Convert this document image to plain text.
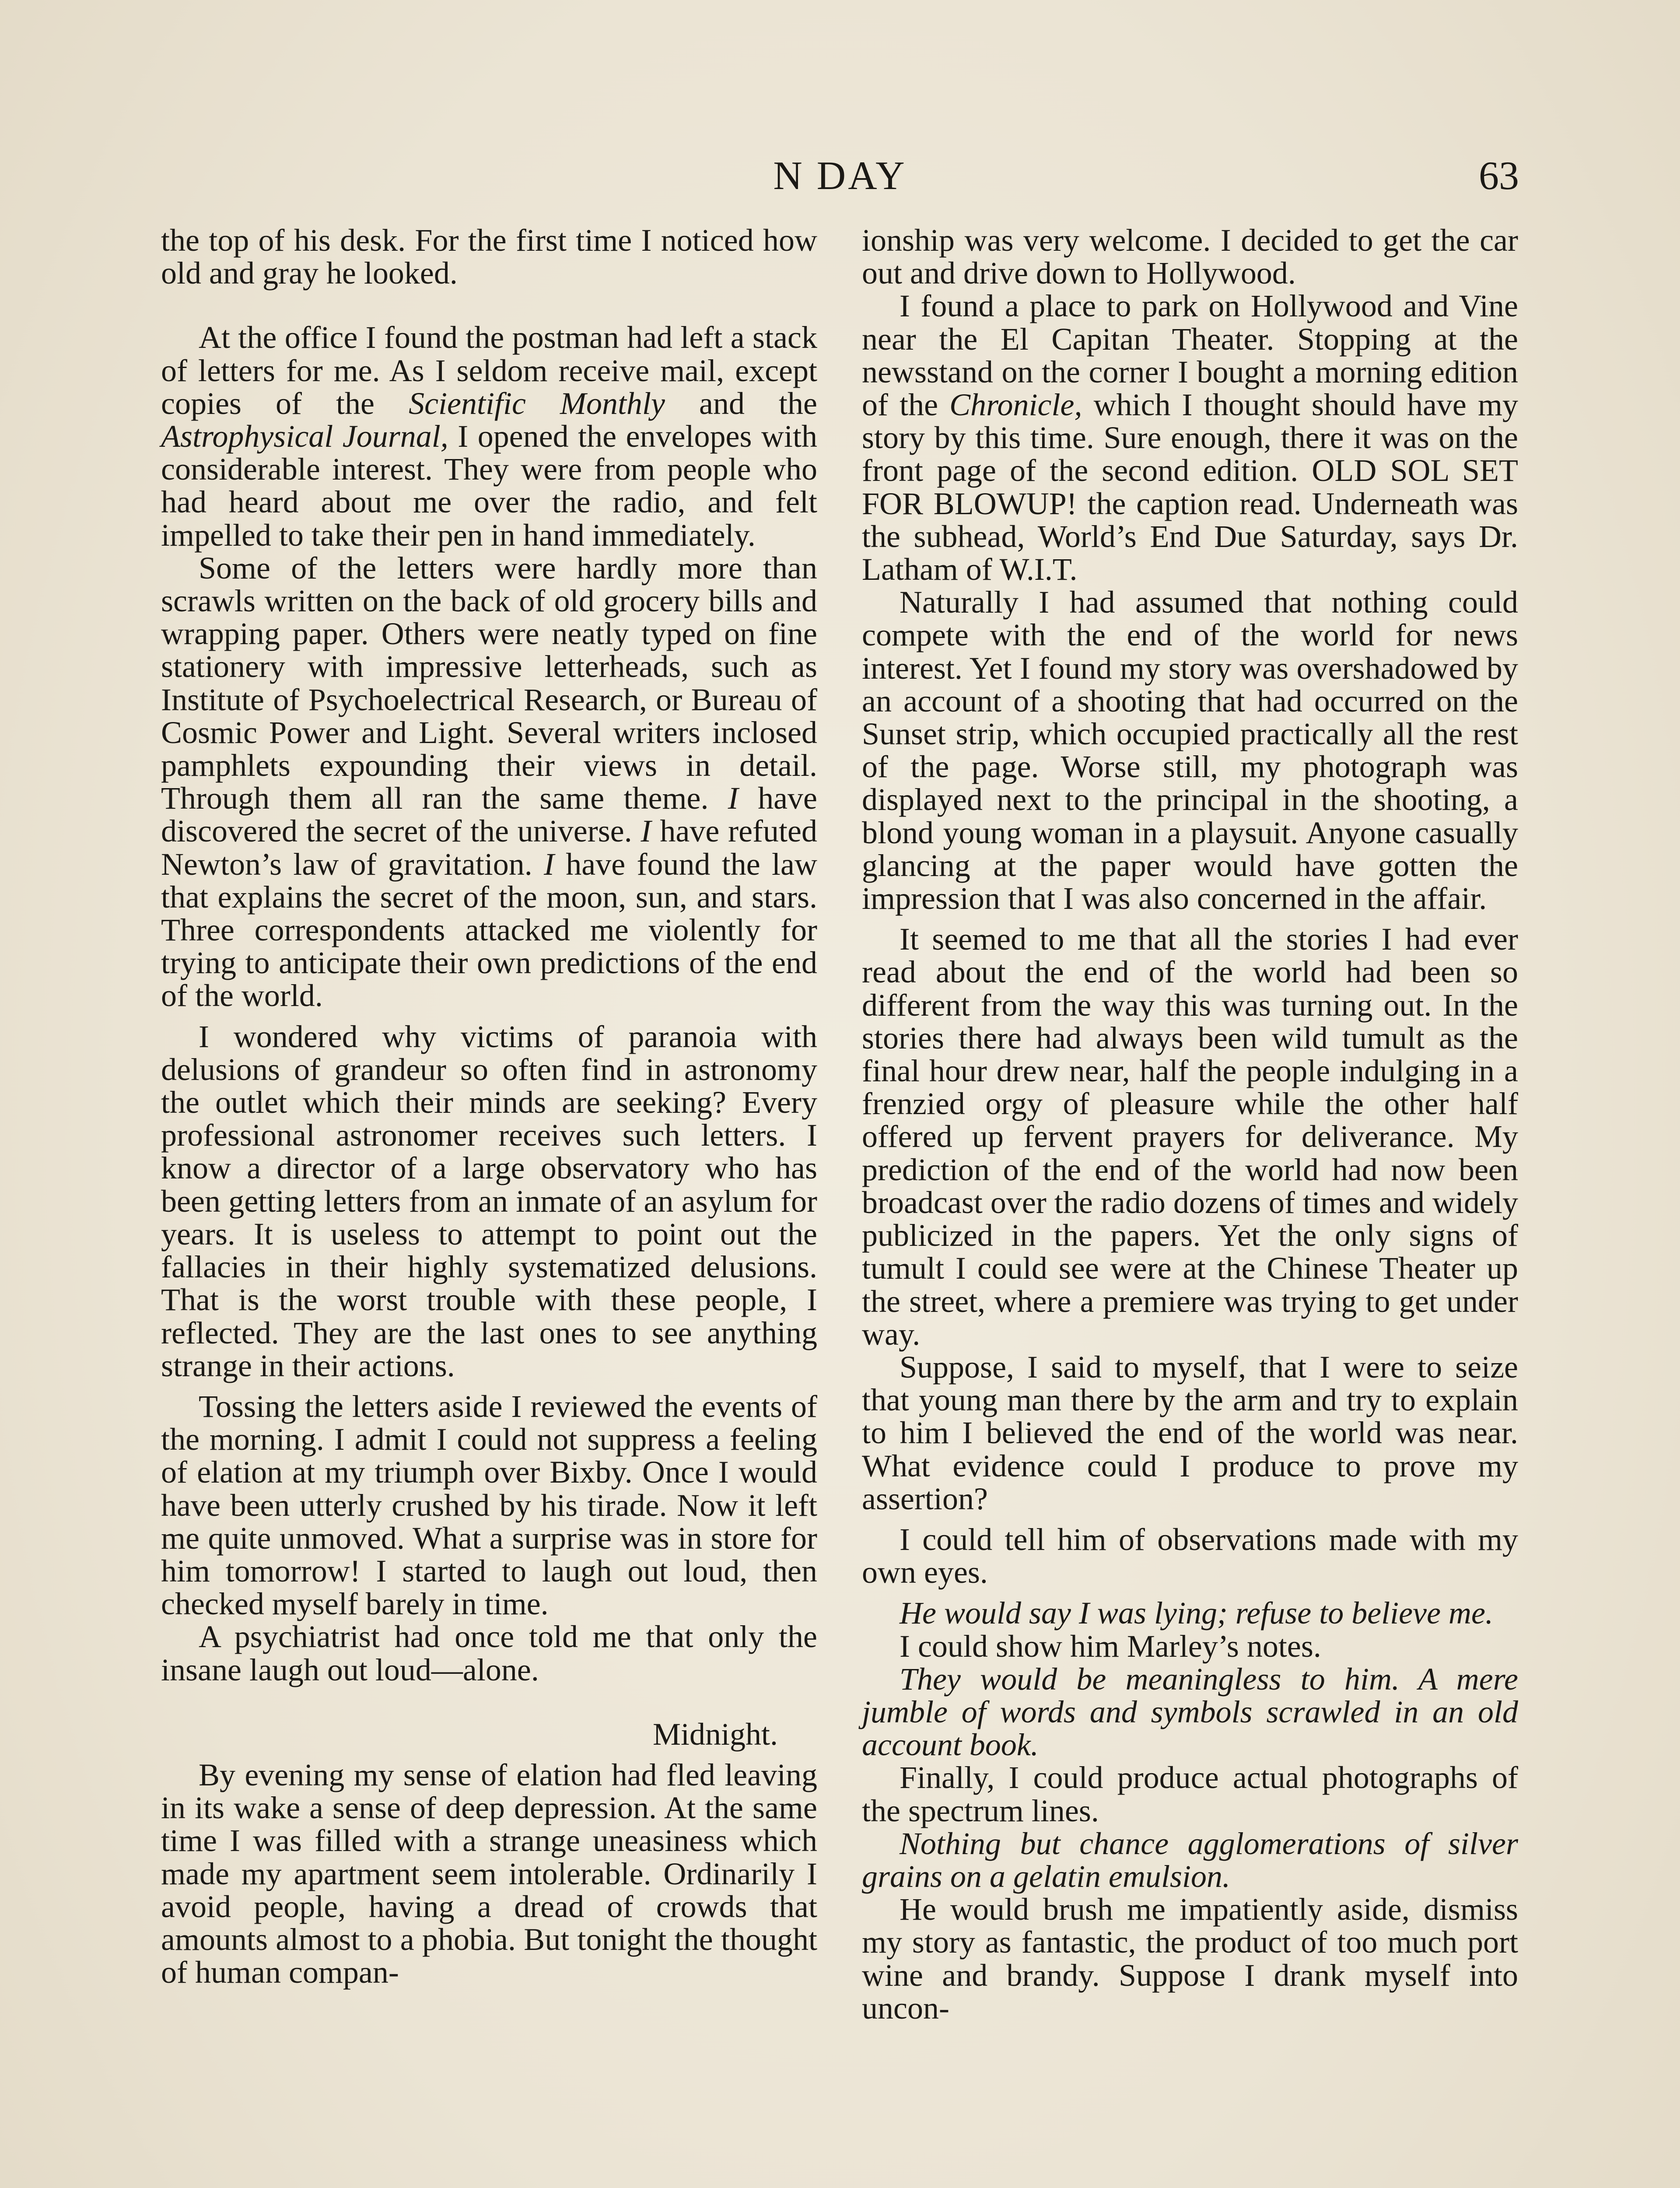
N DAY	63

the top of his desk. For the first time I noticed how old and gray he looked.

At the office I found the postman had left a stack of letters for me. As I seldom receive mail, except copies of the Scientific Monthly and the Astrophysical Journal, I opened the envelopes with considerable interest. They were from people who had heard about me over the radio, and felt impelled to take their pen in hand immediately.

Some of the letters were hardly more than scrawls written on the back of old grocery bills and wrapping paper. Others were neatly typed on fine stationery with impressive letterheads, such as Institute of Psychoelectrical Research, or Bureau of Cosmic Power and Light. Several writers inclosed pamphlets expounding their views in detail. Through them all ran the same theme. I have discovered the secret of the universe. I have refuted Newton’s law of gravitation. I have found the law that explains the secret of the moon, sun, and stars. Three correspondents attacked me violently for trying to anticipate their own predictions of the end of the world.

I wondered why victims of paranoia with delusions of grandeur so often find in astronomy the outlet which their minds are seeking? Every professional astronomer receives such letters. I know a director of a large observatory who has been getting letters from an inmate of an asylum for years. It is useless to attempt to point out the fallacies in their highly systematized delusions. That is the worst trouble with these people, I reflected. They are the last ones to see anything strange in their actions.

Tossing the letters aside I reviewed the events of the morning. I admit I could not suppress a feeling of elation at my triumph over Bixby. Once I would have been utterly crushed by his tirade. Now it left me quite unmoved. What a surprise was in store for him tomorrow! I started to laugh out loud, then checked myself barely in time.

A psychiatrist had once told me that only the insane laugh out loud—alone.

Midnight.

By evening my sense of elation had fled leaving in its wake a sense of deep depression. At the same time I was filled with a strange uneasiness which made my apartment seem intolerable. Ordinarily I avoid people, having a dread of crowds that amounts almost to a phobia. But tonight the thought of human compan-

ionship was very welcome. I decided to get the car out and drive down to Hollywood.

I found a place to park on Hollywood and Vine near the El Capitan Theater. Stopping at the newsstand on the corner I bought a morning edition of the Chronicle, which I thought should have my story by this time. Sure enough, there it was on the front page of the second edition. OLD SOL SET FOR BLOWUP! the caption read. Underneath was the subhead, World’s End Due Saturday, says Dr. Latham of W.I.T.

Naturally I had assumed that nothing could compete with the end of the world for news interest. Yet I found my story was overshadowed by an account of a shooting that had occurred on the Sunset strip, which occupied practically all the rest of the page. Worse still, my photograph was displayed next to the principal in the shooting, a blond young woman in a playsuit. Anyone casually glancing at the paper would have gotten the impression that I was also concerned in the affair.

It seemed to me that all the stories I had ever read about the end of the world had been so different from the way this was turning out. In the stories there had always been wild tumult as the final hour drew near, half the people indulging in a frenzied orgy of pleasure while the other half offered up fervent prayers for deliverance. My prediction of the end of the world had now been broadcast over the radio dozens of times and widely publicized in the papers. Yet the only signs of tumult I could see were at the Chinese Theater up the street, where a premiere was trying to get under way.

Suppose, I said to myself, that I were to seize that young man there by the arm and try to explain to him I believed the end of the world was near. What evidence could I produce to prove my assertion?

I could tell him of observations made with my own eyes.

He would say I was lying; refuse to believe me.

I could show him Marley’s notes.

They would be meaningless to him. A mere jumble of words and symbols scrawled in an old account book.

Finally, I could produce actual photographs of the spectrum lines.

Nothing but chance agglomerations of silver grains on a gelatin emulsion.

He would brush me impatiently aside, dismiss my story as fantastic, the product of too much port wine and brandy. Suppose I drank myself into uncon-
